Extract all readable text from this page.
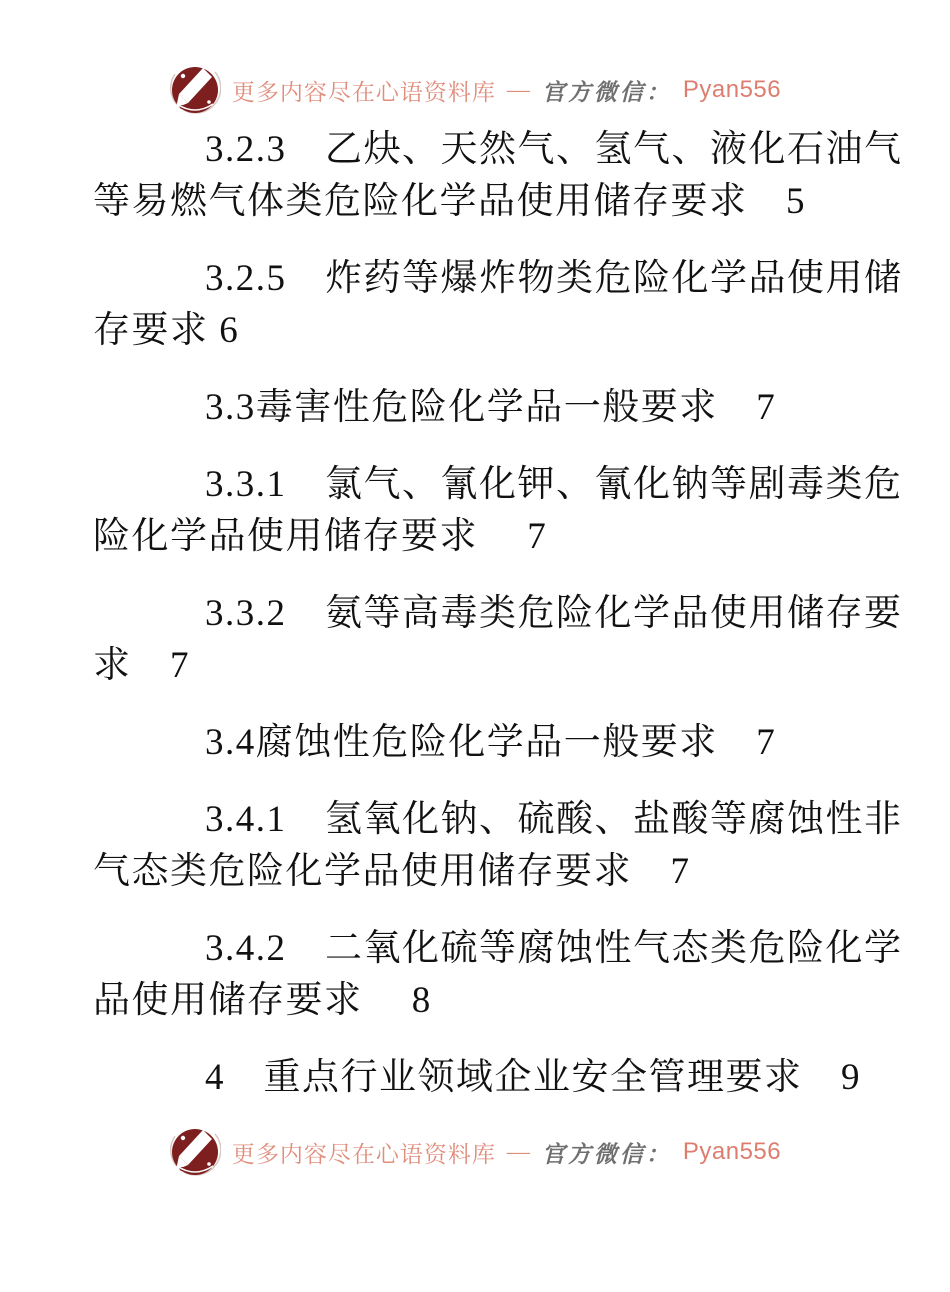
更多内容尽在心语资料库 — 官方微信： Pyan556
3.2.3　乙炔、天然气、氢气、液化石油气
等易燃气体类危险化学品使用储存要求　5
3.2.5　炸药等爆炸物类危险化学品使用储
存要求 6
3.3毒害性危险化学品一般要求　7
3.3.1　氯气、氰化钾、氰化钠等剧毒类危
险化学品使用储存要求　 7
3.3.2　氨等高毒类危险化学品使用储存要
求　7
3.4腐蚀性危险化学品一般要求　7
3.4.1　氢氧化钠、硫酸、盐酸等腐蚀性非
气态类危险化学品使用储存要求　7
3.4.2　二氧化硫等腐蚀性气态类危险化学
品使用储存要求　 8
4　重点行业领域企业安全管理要求　9
更多内容尽在心语资料库 — 官方微信： Pyan556
